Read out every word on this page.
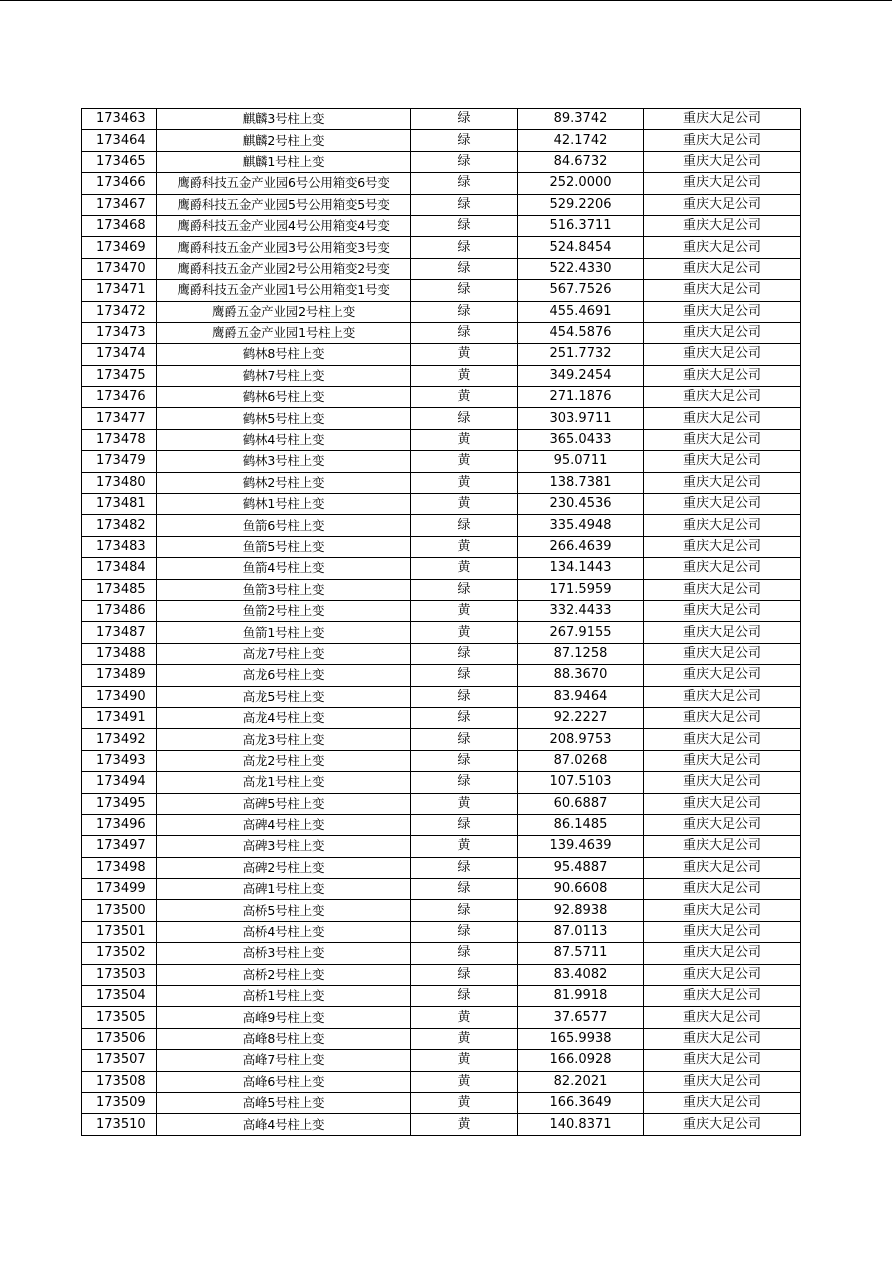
173463	麒麟3号柱上变	绿	89.3742	重庆大足公司
173464	麒麟2号柱上变	绿	42.1742	重庆大足公司
173465	麒麟1号柱上变	绿	84.6732	重庆大足公司
173466	鹰爵科技五金产业园6号公用箱变6号变	绿	252.0000	重庆大足公司
173467	鹰爵科技五金产业园5号公用箱变5号变	绿	529.2206	重庆大足公司
173468	鹰爵科技五金产业园4号公用箱变4号变	绿	516.3711	重庆大足公司
173469	鹰爵科技五金产业园3号公用箱变3号变	绿	524.8454	重庆大足公司
173470	鹰爵科技五金产业园2号公用箱变2号变	绿	522.4330	重庆大足公司
173471	鹰爵科技五金产业园1号公用箱变1号变	绿	567.7526	重庆大足公司
173472	鹰爵五金产业园2号柱上变	绿	455.4691	重庆大足公司
173473	鹰爵五金产业园1号柱上变	绿	454.5876	重庆大足公司
173474	鹤林8号柱上变	黄	251.7732	重庆大足公司
173475	鹤林7号柱上变	黄	349.2454	重庆大足公司
173476	鹤林6号柱上变	黄	271.1876	重庆大足公司
173477	鹤林5号柱上变	绿	303.9711	重庆大足公司
173478	鹤林4号柱上变	黄	365.0433	重庆大足公司
173479	鹤林3号柱上变	黄	95.0711	重庆大足公司
173480	鹤林2号柱上变	黄	138.7381	重庆大足公司
173481	鹤林1号柱上变	黄	230.4536	重庆大足公司
173482	鱼箭6号柱上变	绿	335.4948	重庆大足公司
173483	鱼箭5号柱上变	黄	266.4639	重庆大足公司
173484	鱼箭4号柱上变	黄	134.1443	重庆大足公司
173485	鱼箭3号柱上变	绿	171.5959	重庆大足公司
173486	鱼箭2号柱上变	黄	332.4433	重庆大足公司
173487	鱼箭1号柱上变	黄	267.9155	重庆大足公司
173488	高龙7号柱上变	绿	87.1258	重庆大足公司
173489	高龙6号柱上变	绿	88.3670	重庆大足公司
173490	高龙5号柱上变	绿	83.9464	重庆大足公司
173491	高龙4号柱上变	绿	92.2227	重庆大足公司
173492	高龙3号柱上变	绿	208.9753	重庆大足公司
173493	高龙2号柱上变	绿	87.0268	重庆大足公司
173494	高龙1号柱上变	绿	107.5103	重庆大足公司
173495	高碑5号柱上变	黄	60.6887	重庆大足公司
173496	高碑4号柱上变	绿	86.1485	重庆大足公司
173497	高碑3号柱上变	黄	139.4639	重庆大足公司
173498	高碑2号柱上变	绿	95.4887	重庆大足公司
173499	高碑1号柱上变	绿	90.6608	重庆大足公司
173500	高桥5号柱上变	绿	92.8938	重庆大足公司
173501	高桥4号柱上变	绿	87.0113	重庆大足公司
173502	高桥3号柱上变	绿	87.5711	重庆大足公司
173503	高桥2号柱上变	绿	83.4082	重庆大足公司
173504	高桥1号柱上变	绿	81.9918	重庆大足公司
173505	高峰9号柱上变	黄	37.6577	重庆大足公司
173506	高峰8号柱上变	黄	165.9938	重庆大足公司
173507	高峰7号柱上变	黄	166.0928	重庆大足公司
173508	高峰6号柱上变	黄	82.2021	重庆大足公司
173509	高峰5号柱上变	黄	166.3649	重庆大足公司
173510	高峰4号柱上变	黄	140.8371	重庆大足公司
